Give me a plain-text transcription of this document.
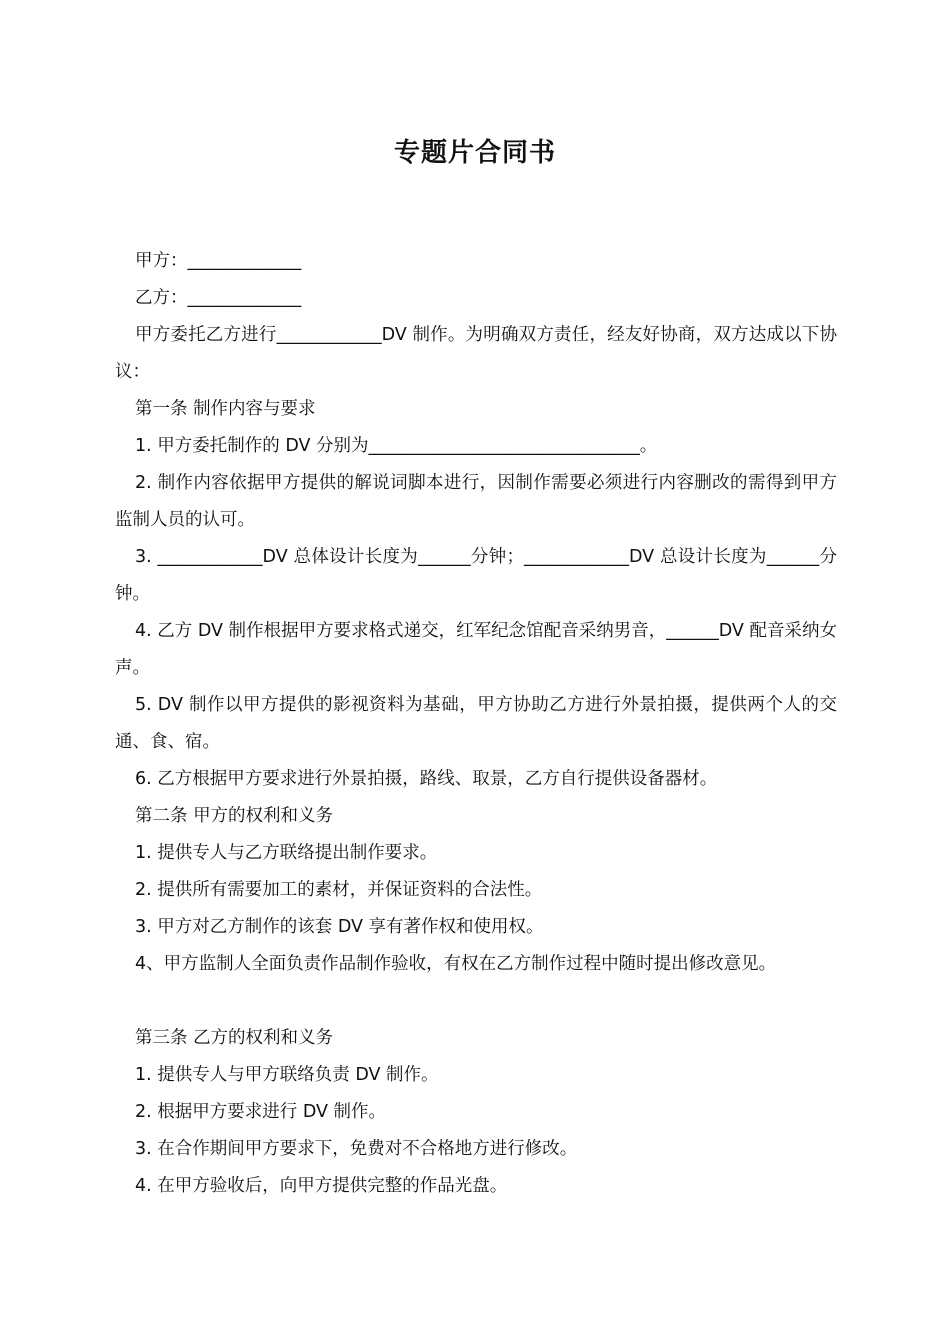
专题片合同书

甲方：_____________

乙方：_____________

甲方委托乙方进行____________DV 制作。为明确双方责任，经友好协商，双方达成以下协议：

第一条 制作内容与要求

1. 甲方委托制作的 DV 分别为_______________________________。

2. 制作内容依据甲方提供的解说词脚本进行，因制作需要必须进行内容删改的需得到甲方监制人员的认可。

3. ____________DV 总体设计长度为______分钟；____________DV 总设计长度为______分钟。

4. 乙方 DV 制作根据甲方要求格式递交，红军纪念馆配音采纳男音，______DV 配音采纳女声。

5. DV 制作以甲方提供的影视资料为基础，甲方协助乙方进行外景拍摄，提供两个人的交通、食、宿。

6. 乙方根据甲方要求进行外景拍摄，路线、取景，乙方自行提供设备器材。

第二条 甲方的权利和义务

1. 提供专人与乙方联络提出制作要求。

2. 提供所有需要加工的素材，并保证资料的合法性。

3. 甲方对乙方制作的该套 DV 享有著作权和使用权。

4、甲方监制人全面负责作品制作验收，有权在乙方制作过程中随时提出修改意见。

第三条 乙方的权利和义务

1. 提供专人与甲方联络负责 DV 制作。

2. 根据甲方要求进行 DV 制作。

3. 在合作期间甲方要求下，免费对不合格地方进行修改。

4. 在甲方验收后，向甲方提供完整的作品光盘。
